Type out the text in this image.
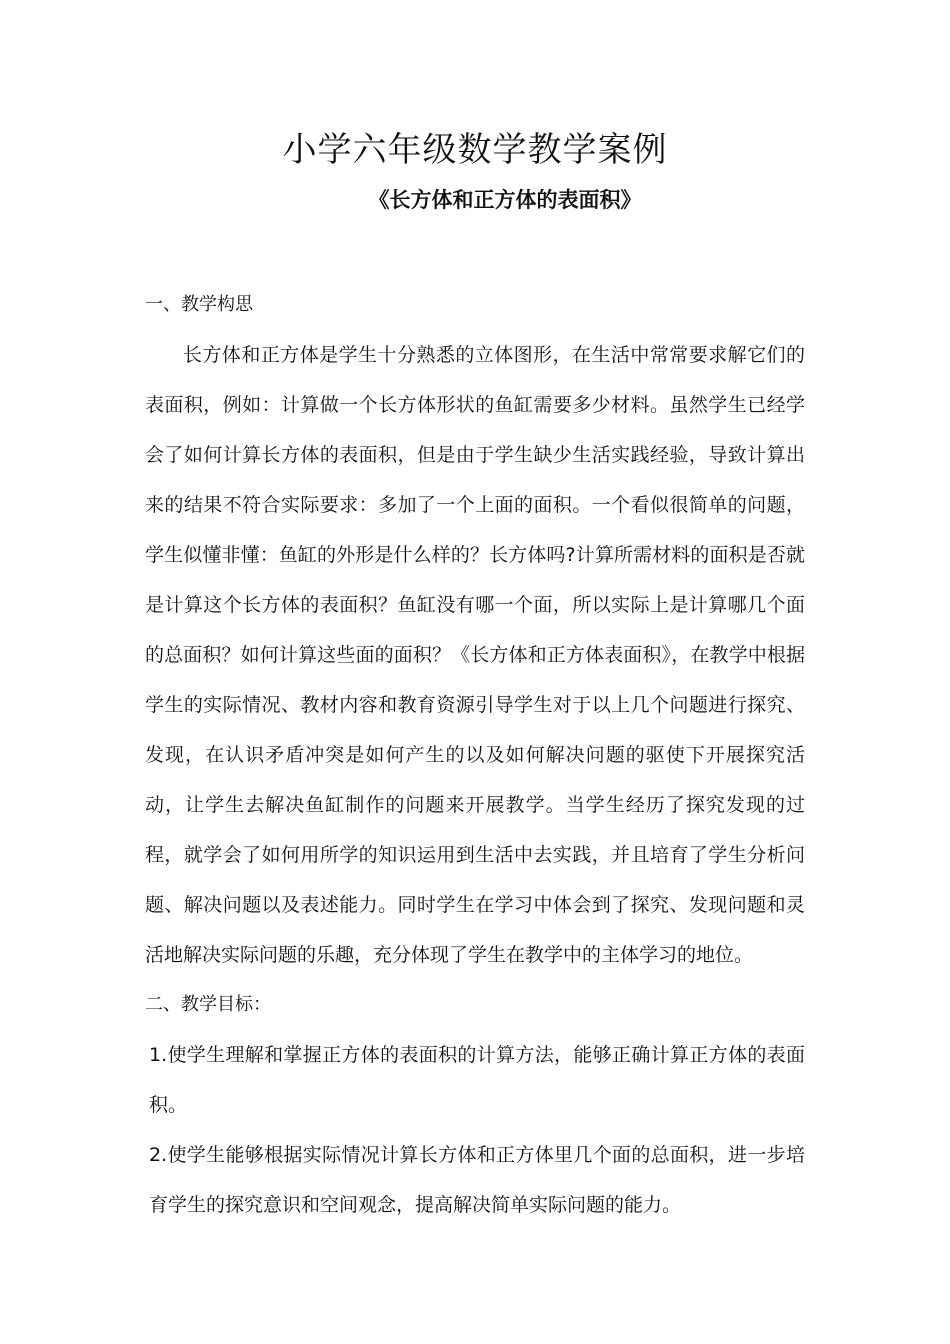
小学六年级数学教学案例
《长方体和正方体的表面积》
一、教学构思

长方体和正方体是学生十分熟悉的立体图形，在生活中常常要求解它们的表面积，例如：计算做一个长方体形状的鱼缸需要多少材料。虽然学生已经学会了如何计算长方体的表面积，但是由于学生缺少生活实践经验，导致计算出来的结果不符合实际要求：多加了一个上面的面积。一个看似很简单的问题，学生似懂非懂：鱼缸的外形是什么样的？长方体吗?计算所需材料的面积是否就是计算这个长方体的表面积？鱼缸没有哪一个面，所以实际上是计算哪几个面的总面积？如何计算这些面的面积？《长方体和正方体表面积》，在教学中根据学生的实际情况、教材内容和教育资源引导学生对于以上几个问题进行探究、发现，在认识矛盾冲突是如何产生的以及如何解决问题的驱使下开展探究活动，让学生去解决鱼缸制作的问题来开展教学。当学生经历了探究发现的过程，就学会了如何用所学的知识运用到生活中去实践，并且培育了学生分析问题、解决问题以及表述能力。同时学生在学习中体会到了探究、发现问题和灵活地解决实际问题的乐趣，充分体现了学生在教学中的主体学习的地位。

二、教学目标：

1.使学生理解和掌握正方体的表面积的计算方法，能够正确计算正方体的表面积。

2.使学生能够根据实际情况计算长方体和正方体里几个面的总面积，进一步培育学生的探究意识和空间观念，提高解决简单实际问题的能力。
